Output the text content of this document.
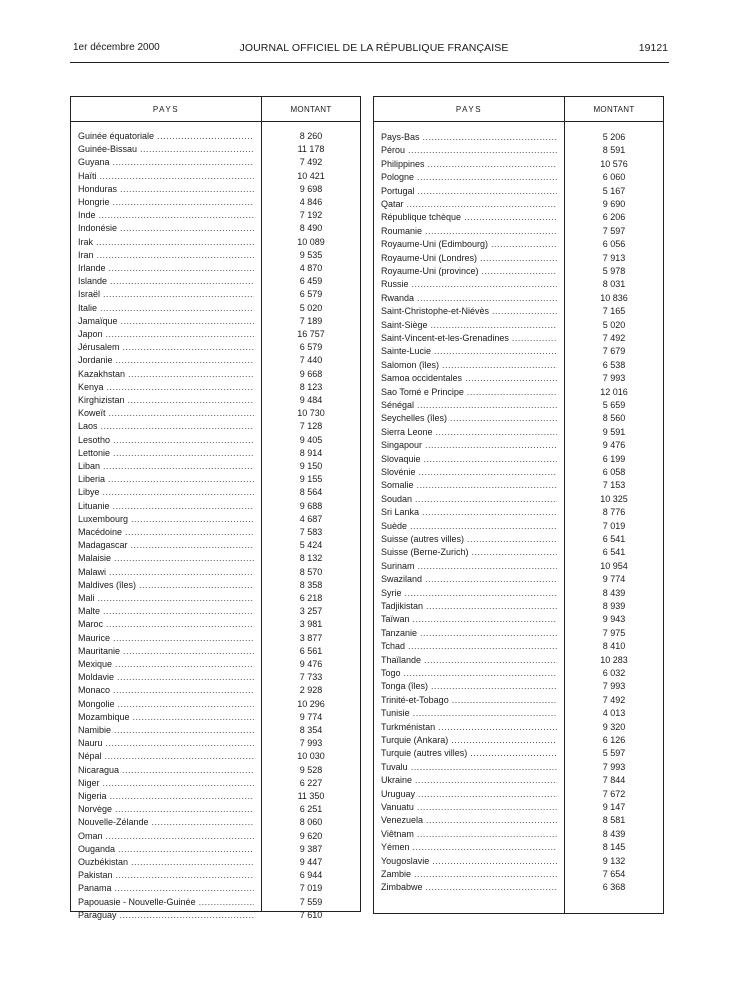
1er décembre 2000	JOURNAL OFFICIEL DE LA RÉPUBLIQUE FRANÇAISE	19121
PAYS	MONTANT
Guinée équatoriale .....	8 260
Guinée-Bissau .....	11 178
Guyana .....	7 492
Haïti .....	10 421
Honduras .....	9 698
Hongrie .....	4 846
Inde .....	7 192
Indonésie .....	8 490
Irak .....	10 089
Iran .....	9 535
Irlande .....	4 870
Islande .....	6 459
Israël .....	6 579
Italie .....	5 020
Jamaïque .....	7 189
Japon .....	16 757
Jérusalem .....	6 579
Jordanie .....	7 440
Kazakhstan .....	9 668
Kenya .....	8 123
Kirghizistan .....	9 484
Koweït .....	10 730
Laos .....	7 128
Lesotho .....	9 405
Lettonie .....	8 914
Liban .....	9 150
Liberia .....	9 155
Libye .....	8 564
Lituanie .....	9 688
Luxembourg .....	4 687
Macédoine .....	7 583
Madagascar .....	5 424
Malaisie .....	8 132
Malawi .....	8 570
Maldives (îles) .....	8 358
Mali .....	6 218
Malte .....	3 257
Maroc .....	3 981
Maurice .....	3 877
Mauritanie .....	6 561
Mexique .....	9 476
Moldavie .....	7 733
Monaco .....	2 928
Mongolie .....	10 296
Mozambique .....	9 774
Namibie .....	8 354
Nauru .....	7 993
Népal .....	10 030
Nicaragua .....	9 528
Niger .....	6 227
Nigeria .....	11 350
Norvège .....	6 251
Nouvelle-Zélande .....	8 060
Oman .....	9 620
Ouganda .....	9 387
Ouzbékistan .....	9 447
Pakistan .....	6 944
Panama .....	7 019
Papouasie - Nouvelle-Guinée .....	7 559
Paraguay .....	7 610
PAYS	MONTANT
Pays-Bas .....	5 206
Pérou .....	8 591
Philippines .....	10 576
Pologne .....	6 060
Portugal .....	5 167
Qatar .....	9 690
République tchèque .....	6 206
Roumanie .....	7 597
Royaume-Uni (Edimbourg) .....	6 056
Royaume-Uni (Londres) .....	7 913
Royaume-Uni (province) .....	5 978
Russie .....	8 031
Rwanda .....	10 836
Saint-Christophe-et-Niévès .....	7 165
Saint-Siège .....	5 020
Saint-Vincent-et-les-Grenadines .....	7 492
Sainte-Lucie .....	7 679
Salomon (îles) .....	6 538
Samoa occidentales .....	7 993
Sao Tomé e Principe .....	12 016
Sénégal .....	5 659
Seychelles (îles) .....	8 560
Sierra Leone .....	9 591
Singapour .....	9 476
Slovaquie .....	6 199
Slovénie .....	6 058
Somalie .....	7 153
Soudan .....	10 325
Sri Lanka .....	8 776
Suède .....	7 019
Suisse (autres villes) .....	6 541
Suisse (Berne-Zurich) .....	6 541
Surinam .....	10 954
Swaziland .....	9 774
Syrie .....	8 439
Tadjikistan .....	8 939
Taïwan .....	9 943
Tanzanie .....	7 975
Tchad .....	8 410
Thaïlande .....	10 283
Togo .....	6 032
Tonga (îles) .....	7 993
Trinité-et-Tobago .....	7 492
Tunisie .....	4 013
Turkménistan .....	9 320
Turquie (Ankara) .....	6 126
Turquie (autres villes) .....	5 597
Tuvalu .....	7 993
Ukraine .....	7 844
Uruguay .....	7 672
Vanuatu .....	9 147
Venezuela .....	8 581
Viêtnam .....	8 439
Yémen .....	8 145
Yougoslavie .....	9 132
Zambie .....	7 654
Zimbabwe .....	6 368
